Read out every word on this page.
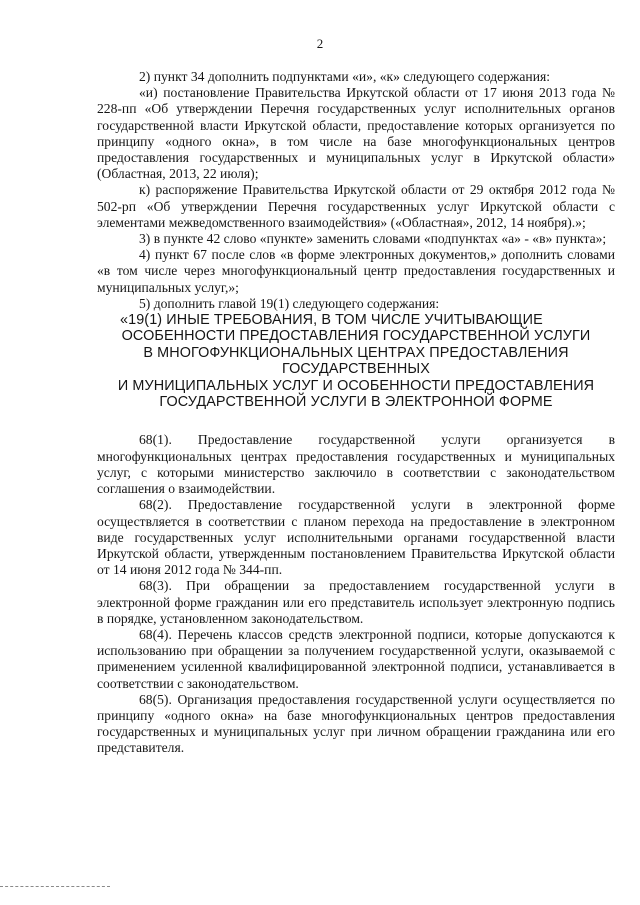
2

2) пункт 34 дополнить подпунктами «и», «к» следующего содержания:

«и) постановление Правительства Иркутской области от 17 июня 2013 года № 228-пп «Об утверждении Перечня государственных услуг исполнительных органов государственной власти Иркутской области, предоставление которых организуется по принципу «одного окна», в том числе на базе многофункциональных центров предоставления государственных и муниципальных услуг в Иркутской области» (Областная, 2013, 22 июля);

к) распоряжение Правительства Иркутской области от 29 октября 2012 года № 502-рп «Об утверждении Перечня государственных услуг Иркутской области с элементами межведомственного взаимодействия» («Областная», 2012, 14 ноября).»;

3) в пункте 42 слово «пункте» заменить словами «подпунктах «а» - «в» пункта»;

4) пункт 67 после слов «в форме электронных документов,» дополнить словами «в том числе через многофункциональный центр предоставления государственных и муниципальных услуг,»;

5) дополнить главой 19(1) следующего содержания:

«19(1) ИНЫЕ ТРЕБОВАНИЯ, В ТОМ ЧИСЛЕ УЧИТЫВАЮЩИЕ
ОСОБЕННОСТИ ПРЕДОСТАВЛЕНИЯ ГОСУДАРСТВЕННОЙ УСЛУГИ
В МНОГОФУНКЦИОНАЛЬНЫХ ЦЕНТРАХ ПРЕДОСТАВЛЕНИЯ
ГОСУДАРСТВЕННЫХ
И МУНИЦИПАЛЬНЫХ УСЛУГ И ОСОБЕННОСТИ ПРЕДОСТАВЛЕНИЯ
ГОСУДАРСТВЕННОЙ УСЛУГИ В ЭЛЕКТРОННОЙ ФОРМЕ

68(1). Предоставление государственной услуги организуется в многофункциональных центрах предоставления государственных и муниципальных услуг, с которыми министерство заключило в соответствии с законодательством соглашения о взаимодействии.

68(2). Предоставление государственной услуги в электронной форме осуществляется в соответствии с планом перехода на предоставление в электронном виде государственных услуг исполнительными органами государственной власти Иркутской области, утвержденным постановлением Правительства Иркутской области от 14 июня 2012 года № 344-пп.

68(3). При обращении за предоставлением государственной услуги в электронной форме гражданин или его представитель использует электронную подпись в порядке, установленном законодательством.

68(4). Перечень классов средств электронной подписи, которые допускаются к использованию при обращении за получением государственной услуги, оказываемой с применением усиленной квалифицированной электронной подписи, устанавливается в соответствии с законодательством.

68(5). Организация предоставления государственной услуги осуществляется по принципу «одного окна» на базе многофункциональных центров предоставления государственных и муниципальных услуг при личном обращении гражданина или его представителя.
